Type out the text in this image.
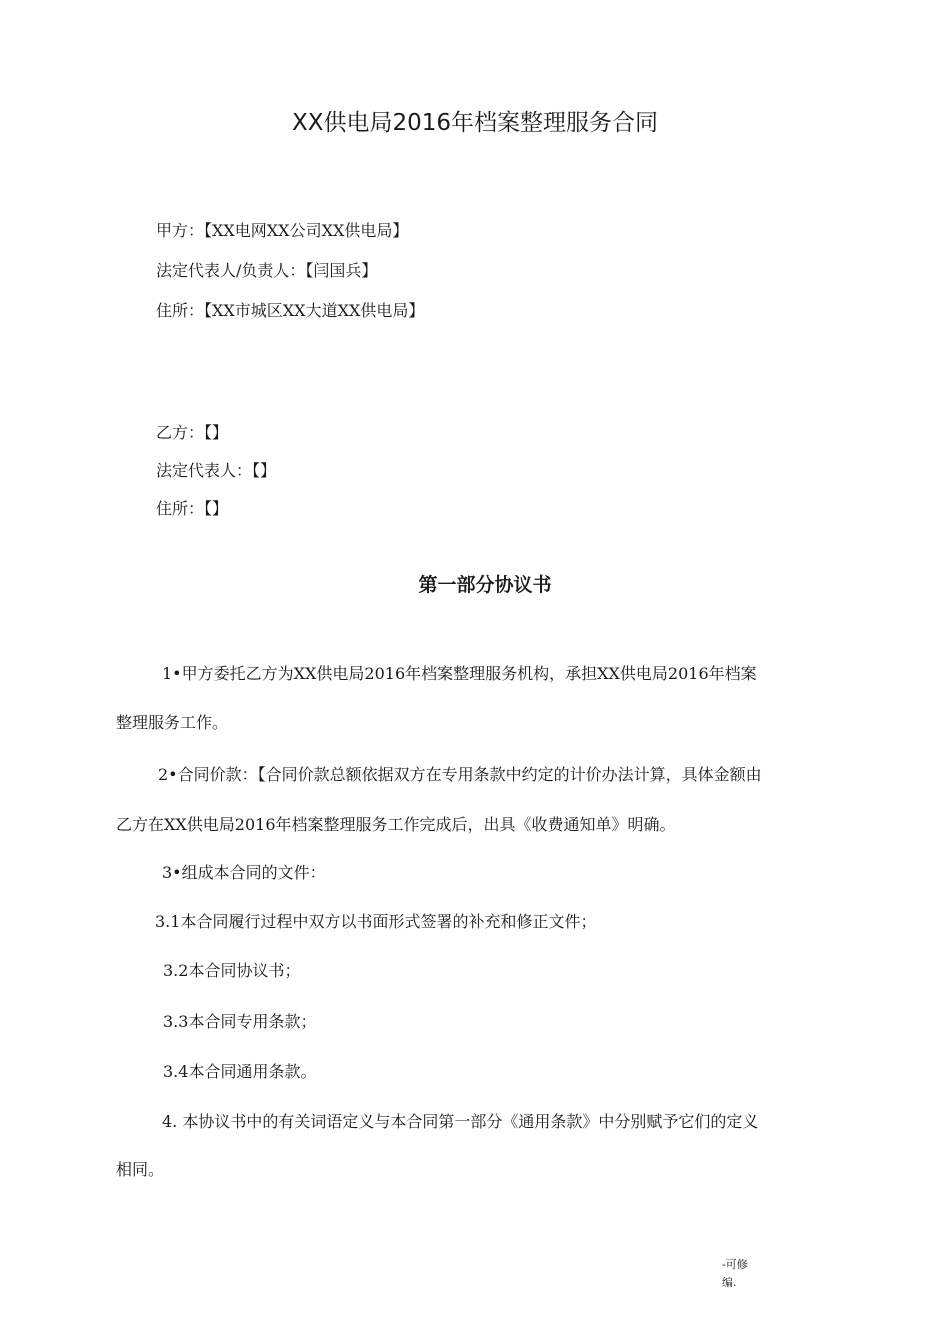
XX供电局2016年档案整理服务合同
甲方：【XX电网XX公司XX供电局】
法定代表人/负责人：【闫国兵】
住所：【XX市城区XX大道XX供电局】
乙方：【】
法定代表人：【】
住所：【】
第一部分协议书
1•甲方委托乙方为XX供电局2016年档案整理服务机构，承担XX供电局2016年档案
整理服务工作。
2•合同价款：【合同价款总额依据双方在专用条款中约定的计价办法计算，具体金额由
乙方在XX供电局2016年档案整理服务工作完成后，出具《收费通知单》明确。
3•组成本合同的文件：
3.1本合同履行过程中双方以书面形式签署的补充和修正文件；
3.2本合同协议书；
3.3本合同专用条款；
3.4本合同通用条款。
4. 本协议书中的有关词语定义与本合同第一部分《通用条款》中分别赋予它们的定义
相同。
-可修
编.
